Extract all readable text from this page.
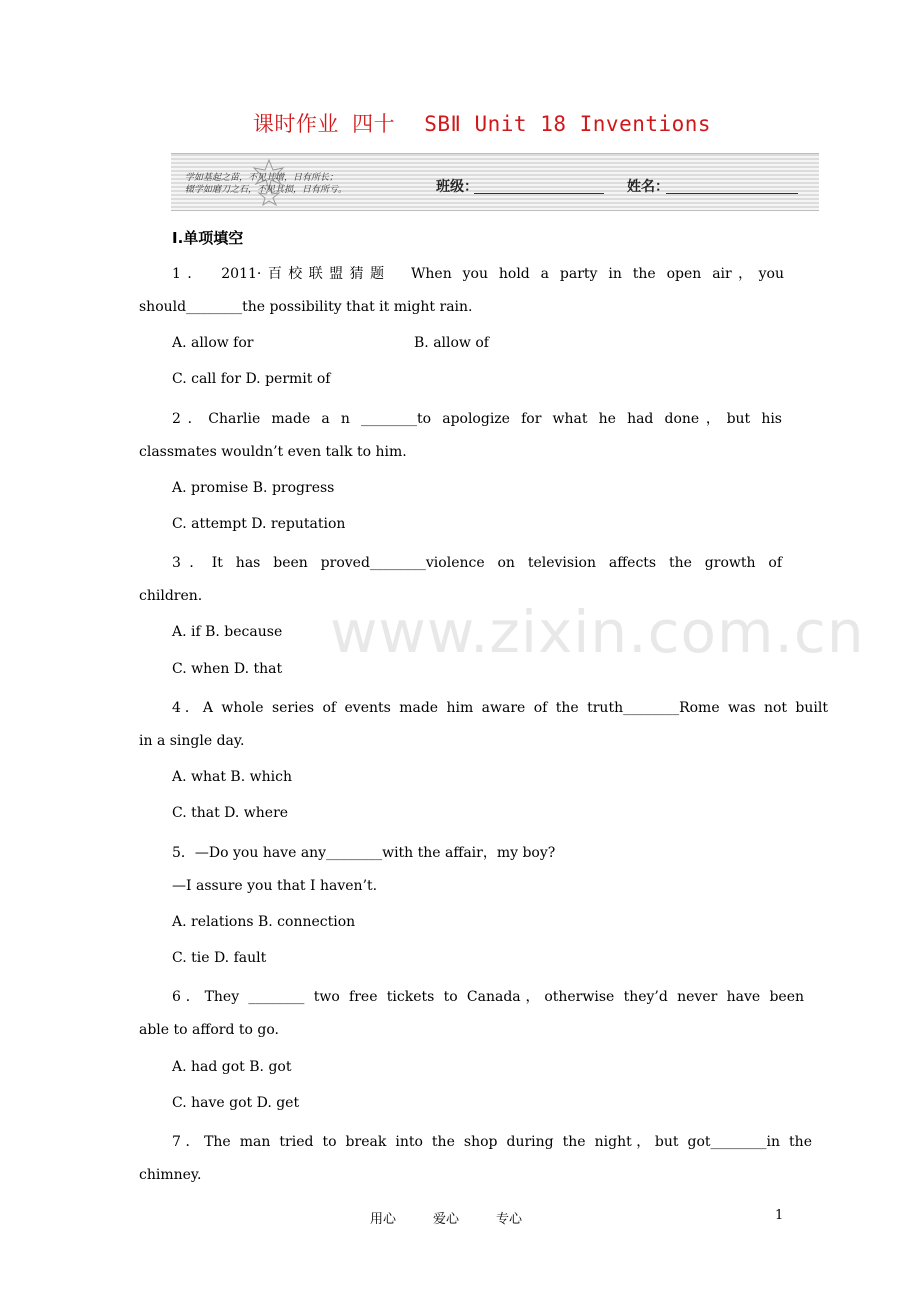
课时作业 四十 SBⅡ Unit 18 Inventions
学如基起之苗，不见其增，日有所长；
辍学如磨刀之石，不见其损，日有所亏。	班级：	姓名：
Ⅰ.单项填空
www.zixin.com.cn
1．　2011·百校联盟猜题　When you hold a party in the open air，you
should________the possibility that it might rain.
A. allow for	B. allow of
C. call for D. permit of
2．Charlie made a n ________to apologize for what he had done，but his
classmates wouldn’t even talk to him.
A. promise B. progress
C. attempt D. reputation
3．It has been proved________violence on television affects the growth of
children.
A. if B. because
C. when D. that
4．A whole series of events made him aware of the truth________Rome was not built
in a single day.
A. what B. which
C. that D. where
5．—Do you have any________with the affair，my boy?
—I assure you that I haven’t.
A. relations B. connection
C. tie D. fault
6．They ________ two free tickets to Canada，otherwise they’d never have been
able to afford to go.
A. had got B. got
C. have got D. get
7．The man tried to break into the shop during the night，but got________in the
chimney.
用心	爱心	专心	1
